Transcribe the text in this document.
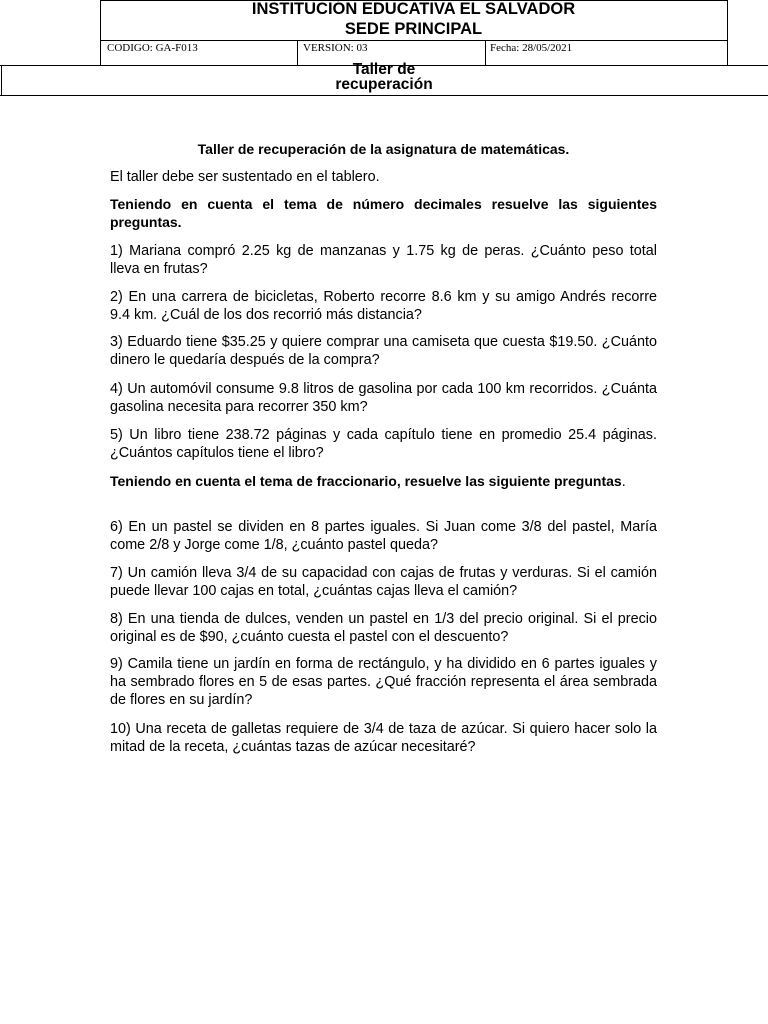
INSTITUCIÓN EDUCATIVA EL SALVADOR
SEDE PRINCIPAL
CODIGO: GA-F013	VERSION: 03	Fecha: 28/05/2021
Taller de
recuperación
Taller de recuperación de la asignatura de matemáticas.
El taller debe ser sustentado en el tablero.
Teniendo en cuenta el tema de número decimales resuelve las siguientes preguntas.
1) Mariana compró 2.25 kg de manzanas y 1.75 kg de peras. ¿Cuánto peso total lleva en frutas?
2) En una carrera de bicicletas, Roberto recorre 8.6 km y su amigo Andrés recorre 9.4 km. ¿Cuál de los dos recorrió más distancia?
3) Eduardo tiene $35.25 y quiere comprar una camiseta que cuesta $19.50. ¿Cuánto dinero le quedaría después de la compra?
4) Un automóvil consume 9.8 litros de gasolina por cada 100 km recorridos. ¿Cuánta gasolina necesita para recorrer 350 km?
5) Un libro tiene 238.72 páginas y cada capítulo tiene en promedio 25.4 páginas. ¿Cuántos capítulos tiene el libro?
Teniendo en cuenta el tema de fraccionario, resuelve las siguiente preguntas.
6) En un pastel se dividen en 8 partes iguales. Si Juan come 3/8 del pastel, María come 2/8 y Jorge come 1/8, ¿cuánto pastel queda?
7) Un camión lleva 3/4 de su capacidad con cajas de frutas y verduras. Si el camión puede llevar 100 cajas en total, ¿cuántas cajas lleva el camión?
8) En una tienda de dulces, venden un pastel en 1/3 del precio original. Si el precio original es de $90, ¿cuánto cuesta el pastel con el descuento?
9) Camila tiene un jardín en forma de rectángulo, y ha dividido en 6 partes iguales y ha sembrado flores en 5 de esas partes. ¿Qué fracción representa el área sembrada de flores en su jardín?
10) Una receta de galletas requiere de 3/4 de taza de azúcar. Si quiero hacer solo la mitad de la receta, ¿cuántas tazas de azúcar necesitaré?
